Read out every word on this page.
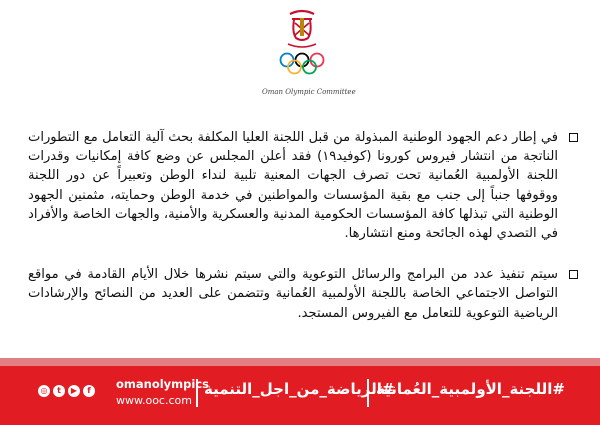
Oman Olympic Committee

في إطار دعم الجهود الوطنية المبذولة من قبل اللجنة العليا المكلفة بحث آلية التعامل مع التطورات الناتجة من انتشار فيروس كورونا (كوفيد١٩) فقد أعلن المجلس عن وضع كافة إمكانيات وقدرات اللجنة الأولمبية العُمانية تحت تصرف الجهات المعنية تلبية لنداء الوطن وتعبيراً عن دور اللجنة ووقوفها جنباً إلى جنب مع بقية المؤسسات والمواطنين في خدمة الوطن وحمايته، مثمنين الجهود الوطنية التي تبذلها كافة المؤسسات الحكومية المدنية والعسكرية والأمنية، والجهات الخاصة والأفراد في التصدي لهذه الجائحة ومنع انتشارها.

سيتم تنفيذ عدد من البرامج والرسائل التوعوية والتي سيتم نشرها خلال الأيام القادمة في مواقع التواصل الاجتماعي الخاصة باللجنة الأولمبية العُمانية وتتضمن على العديد من النصائح والإرشادات الرياضية التوعوية للتعامل مع الفيروس المستجد.

#اللجنة_الأولمبية_العُمانية
#الرياضة_من_اجل_التنمية
omanolympics
www.ooc.com
◎	t	▶	f
